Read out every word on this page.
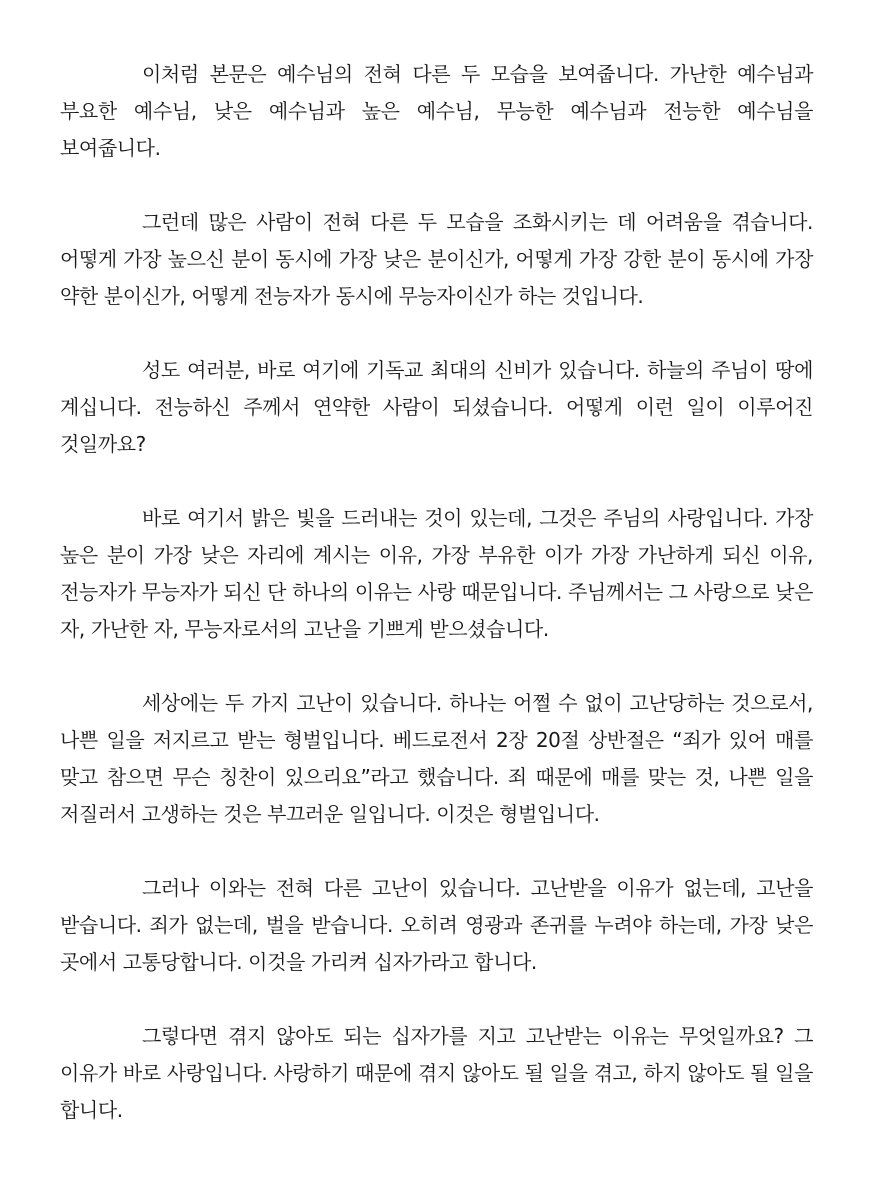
이처럼 본문은 예수님의 전혀 다른 두 모습을 보여줍니다. 가난한 예수님과 부요한 예수님, 낮은 예수님과 높은 예수님, 무능한 예수님과 전능한 예수님을 보여줍니다.

그런데 많은 사람이 전혀 다른 두 모습을 조화시키는 데 어려움을 겪습니다. 어떻게 가장 높으신 분이 동시에 가장 낮은 분이신가, 어떻게 가장 강한 분이 동시에 가장 약한 분이신가, 어떻게 전능자가 동시에 무능자이신가 하는 것입니다.

성도 여러분, 바로 여기에 기독교 최대의 신비가 있습니다. 하늘의 주님이 땅에 계십니다. 전능하신 주께서 연약한 사람이 되셨습니다. 어떻게 이런 일이 이루어진 것일까요?

바로 여기서 밝은 빛을 드러내는 것이 있는데, 그것은 주님의 사랑입니다. 가장 높은 분이 가장 낮은 자리에 계시는 이유, 가장 부유한 이가 가장 가난하게 되신 이유, 전능자가 무능자가 되신 단 하나의 이유는 사랑 때문입니다. 주님께서는 그 사랑으로 낮은 자, 가난한 자, 무능자로서의 고난을 기쁘게 받으셨습니다.

세상에는 두 가지 고난이 있습니다. 하나는 어쩔 수 없이 고난당하는 것으로서, 나쁜 일을 저지르고 받는 형벌입니다. 베드로전서 2장 20절 상반절은 “죄가 있어 매를 맞고 참으면 무슨 칭찬이 있으리요”라고 했습니다. 죄 때문에 매를 맞는 것, 나쁜 일을 저질러서 고생하는 것은 부끄러운 일입니다. 이것은 형벌입니다.

그러나 이와는 전혀 다른 고난이 있습니다. 고난받을 이유가 없는데, 고난을 받습니다. 죄가 없는데, 벌을 받습니다. 오히려 영광과 존귀를 누려야 하는데, 가장 낮은 곳에서 고통당합니다. 이것을 가리켜 십자가라고 합니다.

그렇다면 겪지 않아도 되는 십자가를 지고 고난받는 이유는 무엇일까요? 그 이유가 바로 사랑입니다. 사랑하기 때문에 겪지 않아도 될 일을 겪고, 하지 않아도 될 일을 합니다.
